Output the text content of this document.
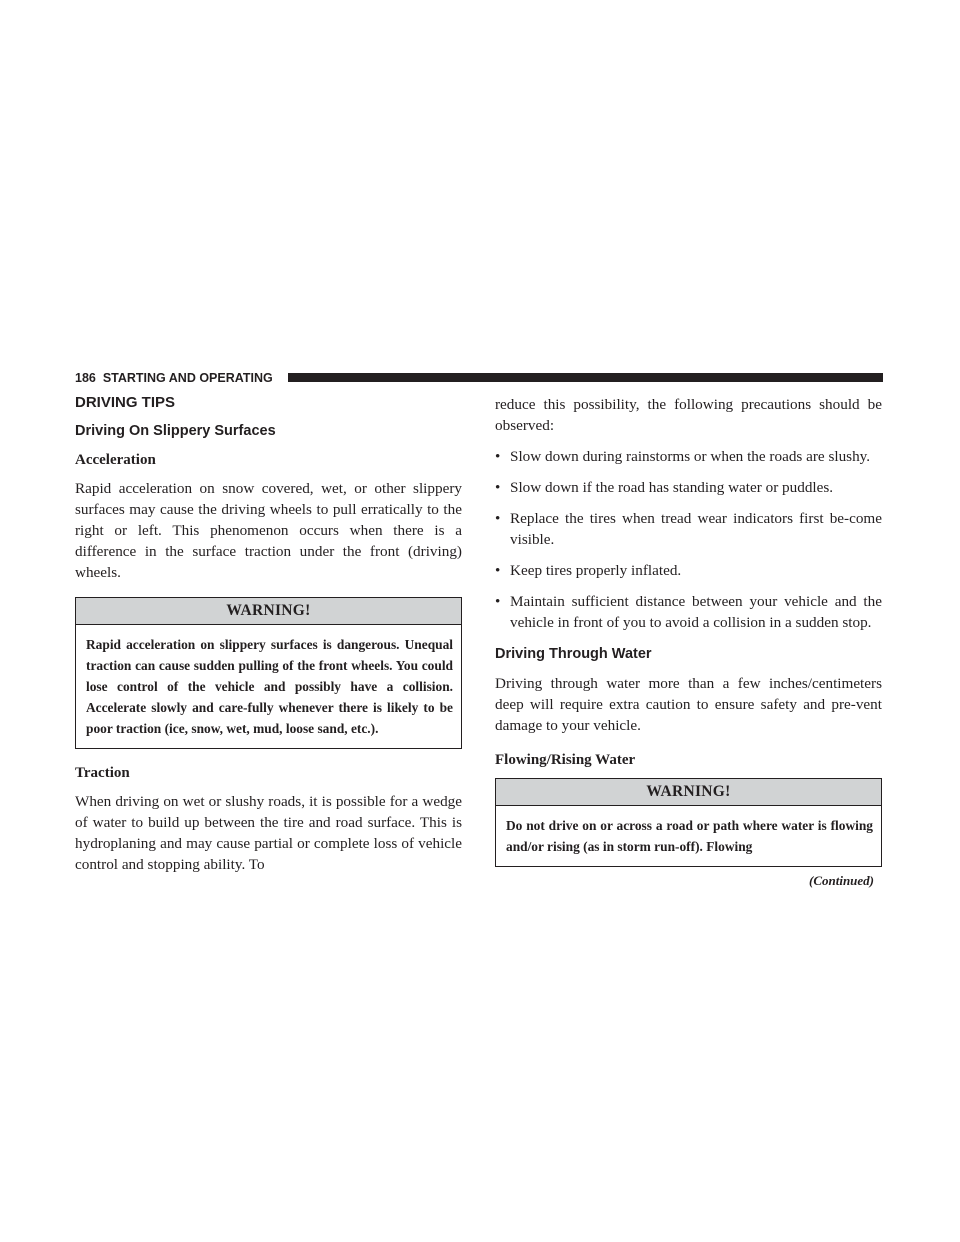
186 STARTING AND OPERATING
DRIVING TIPS
Driving On Slippery Surfaces
Acceleration

Rapid acceleration on snow covered, wet, or other slippery surfaces may cause the driving wheels to pull erratically to the right or left. This phenomenon occurs when there is a difference in the surface traction under the front (driving) wheels.

WARNING!
Rapid acceleration on slippery surfaces is dangerous. Unequal traction can cause sudden pulling of the front wheels. You could lose control of the vehicle and possibly have a collision. Accelerate slowly and care-fully whenever there is likely to be poor traction (ice, snow, wet, mud, loose sand, etc.).
Traction

When driving on wet or slushy roads, it is possible for a wedge of water to build up between the tire and road surface. This is hydroplaning and may cause partial or complete loss of vehicle control and stopping ability. To

reduce this possibility, the following precautions should be observed:

• Slow down during rainstorms or when the roads are slushy.
• Slow down if the road has standing water or puddles.
• Replace the tires when tread wear indicators first be-come visible.
• Keep tires properly inflated.
• Maintain sufficient distance between your vehicle and the vehicle in front of you to avoid a collision in a sudden stop.
Driving Through Water

Driving through water more than a few inches/centimeters deep will require extra caution to ensure safety and pre-vent damage to your vehicle.

Flowing/Rising Water
WARNING!
Do not drive on or across a road or path where water is flowing and/or rising (as in storm run-off). Flowing
(Continued)
